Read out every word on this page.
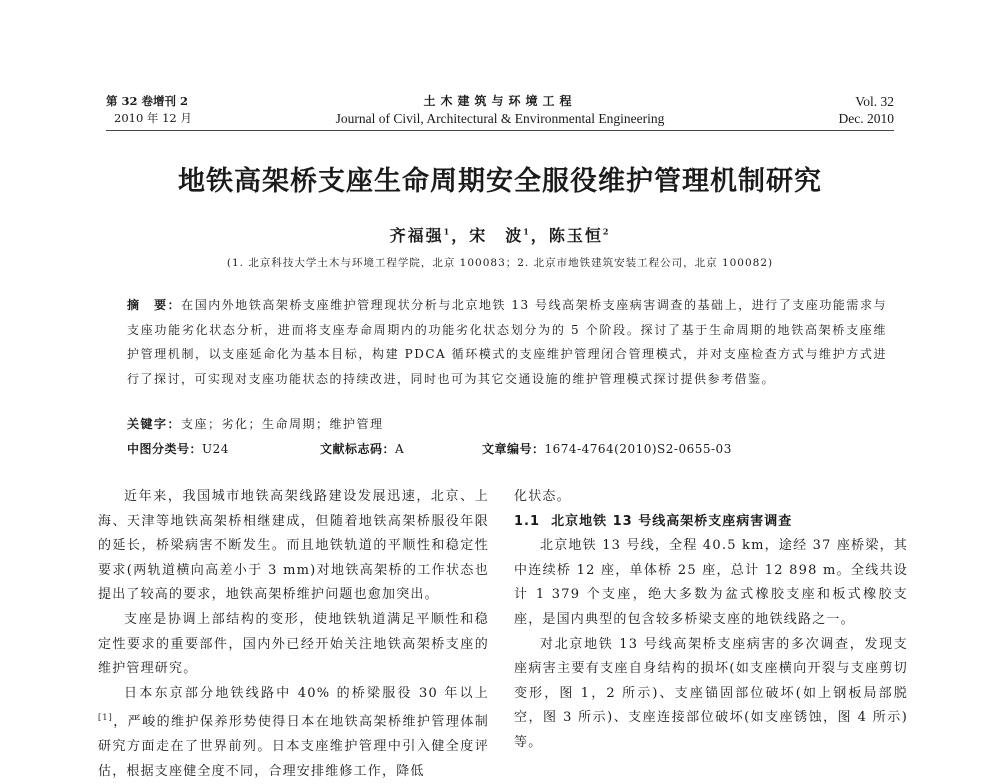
第 32 卷增刊 2
2010 年 12 月
土木建筑与环境工程
Journal of Civil, Architectural & Environmental Engineering
Vol. 32
Dec. 2010
地铁高架桥支座生命周期安全服役维护管理机制研究
齐福强$^1$，宋　波$^1$，陈玉恒$^2$
(1. 北京科技大学土木与环境工程学院，北京 100083；2. 北京市地铁建筑安装工程公司，北京 100082)
摘　要：在国内外地铁高架桥支座维护管理现状分析与北京地铁 13 号线高架桥支座病害调查的基础上，进行了支座功能需求与支座功能劣化状态分析，进而将支座寿命周期内的功能劣化状态划分为的 5 个阶段。探讨了基于生命周期的地铁高架桥支座维护管理机制，以支座延命化为基本目标，构建 PDCA 循环模式的支座维护管理闭合管理模式，并对支座检查方式与维护方式进行了探讨，可实现对支座功能状态的持续改进，同时也可为其它交通设施的维护管理模式探讨提供参考借鉴。
关键字：支座；劣化；生命周期；维护管理
中图分类号：U24	文献标志码：A	文章编号：1674-4764(2010)S2-0655-03

近年来，我国城市地铁高架线路建设发展迅速，北京、上海、天津等地铁高架桥相继建成，但随着地铁高架桥服役年限的延长，桥梁病害不断发生。而且地铁轨道的平顺性和稳定性要求(两轨道横向高差小于 3 mm)对地铁高架桥的工作状态也提出了较高的要求，地铁高架桥维护问题也愈加突出。

支座是协调上部结构的变形，使地铁轨道满足平顺性和稳定性要求的重要部件，国内外已经开始关注地铁高架桥支座的维护管理研究。

日本东京部分地铁线路中 40% 的桥梁服役 30 年以上[1]，严峻的维护保养形势使得日本在地铁高架桥维护管理体制研究方面走在了世界前列。日本支座维护管理中引入健全度评估，根据支座健全度不同，合理安排维修工作，降低

化状态。

1.1 北京地铁 13 号线高架桥支座病害调查

北京地铁 13 号线，全程 40.5 km，途经 37 座桥梁，其中连续桥 12 座，单体桥 25 座，总计 12 898 m。全线共设计 1 379 个支座，绝大多数为盆式橡胶支座和板式橡胶支座，是国内典型的包含较多桥梁支座的地铁线路之一。

对北京地铁 13 号线高架桥支座病害的多次调查，发现支座病害主要有支座自身结构的损坏(如支座横向开裂与支座剪切变形，图 1，2 所示)、支座锚固部位破坏(如上钢板局部脱空，图 3 所示)、支座连接部位破坏(如支座锈蚀，图 4 所示)等。
